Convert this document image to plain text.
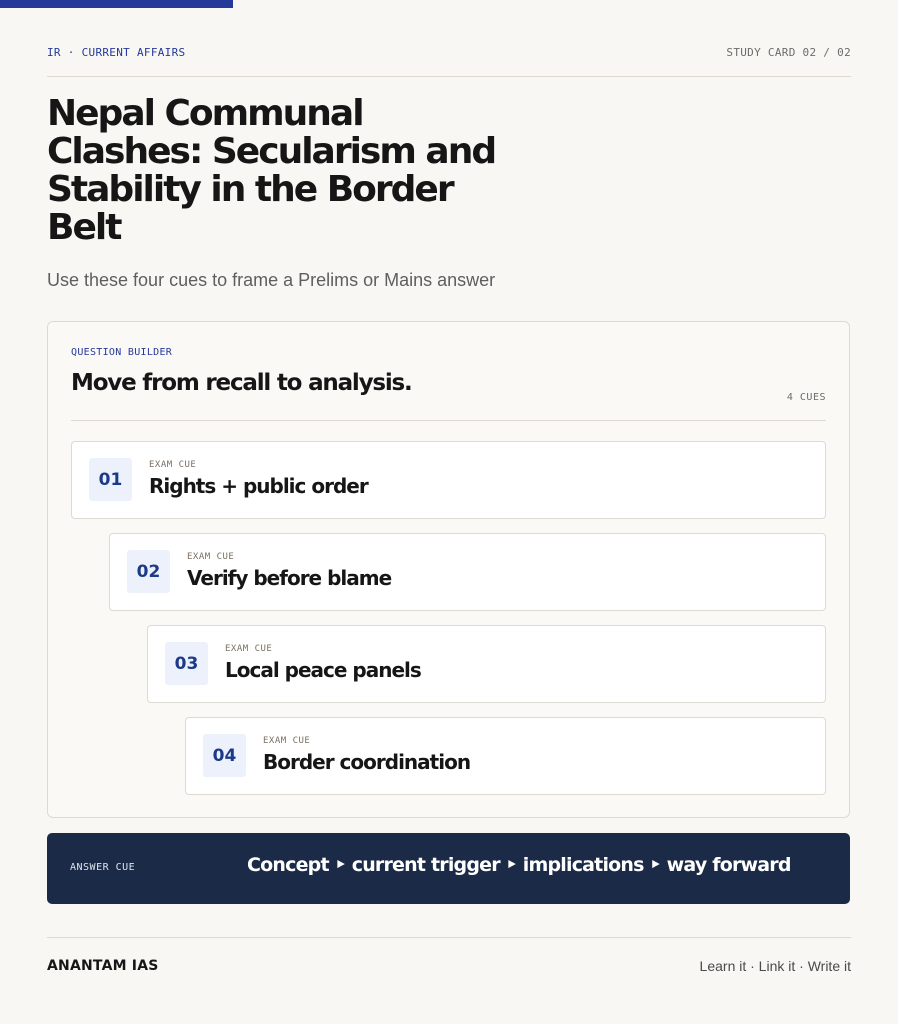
IR · CURRENT AFFAIRS	STUDY CARD 02 / 02
Nepal Communal Clashes: Secularism and Stability in the Border Belt
Use these four cues to frame a Prelims or Mains answer
QUESTION BUILDER
Move from recall to analysis.
4 CUES
01
EXAM CUE
Rights + public order
02
EXAM CUE
Verify before blame
03
EXAM CUE
Local peace panels
04
EXAM CUE
Border coordination
ANSWER CUE	Concept ‣ current trigger ‣ implications ‣ way forward
ANANTAM IAS	Learn it · Link it · Write it
